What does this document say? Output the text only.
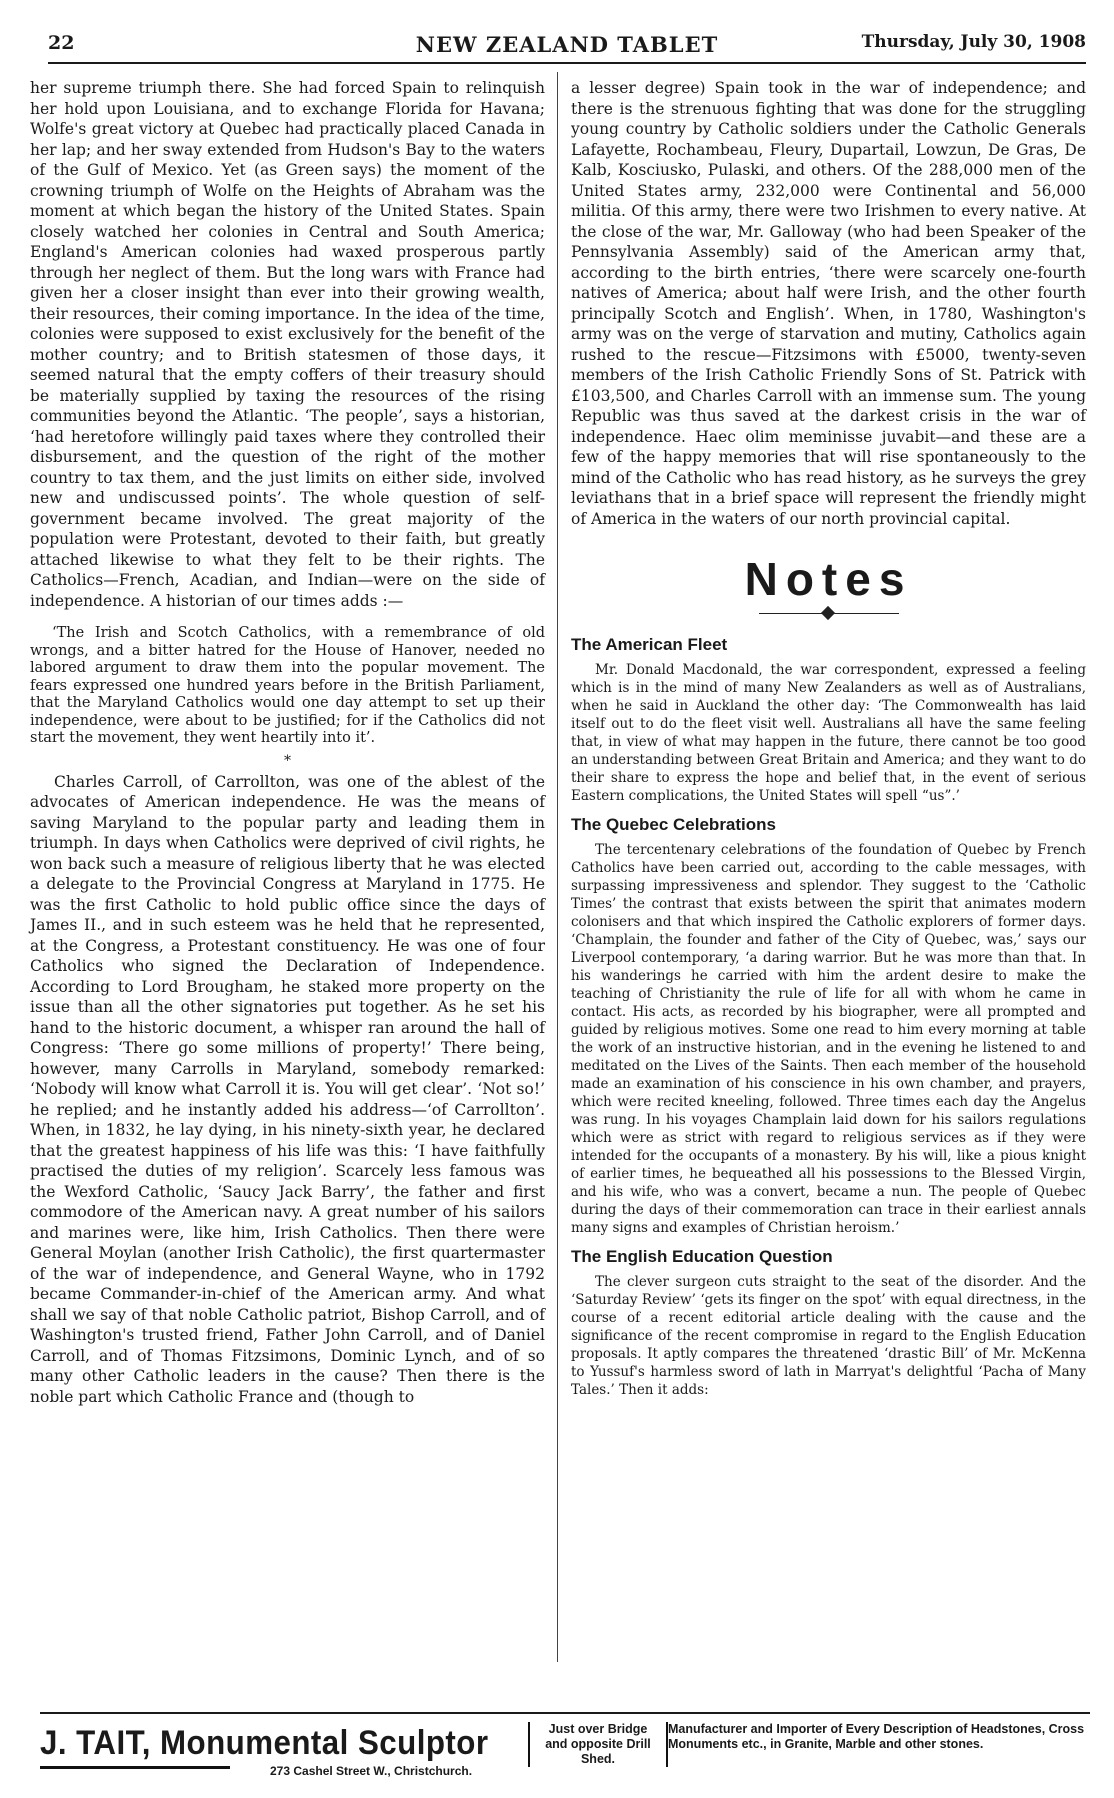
22	NEW ZEALAND TABLET	Thursday, July 30, 1908

her supreme triumph there. She had forced Spain to relinquish her hold upon Louisiana, and to exchange Florida for Havana; Wolfe's great victory at Quebec had practically placed Canada in her lap; and her sway extended from Hudson's Bay to the waters of the Gulf of Mexico. Yet (as Green says) the moment of the crowning triumph of Wolfe on the Heights of Abraham was the moment at which began the history of the United States. Spain closely watched her colonies in Central and South America; England's American colonies had waxed prosperous partly through her neglect of them. But the long wars with France had given her a closer insight than ever into their growing wealth, their resources, their coming importance. In the idea of the time, colonies were supposed to exist exclusively for the benefit of the mother country; and to British statesmen of those days, it seemed natural that the empty coffers of their treasury should be materially supplied by taxing the resources of the rising communities beyond the Atlantic. ‘The people’, says a historian, ‘had heretofore willingly paid taxes where they controlled their disbursement, and the question of the right of the mother country to tax them, and the just limits on either side, involved new and undiscussed points’. The whole question of self-government became involved. The great majority of the population were Protestant, devoted to their faith, but greatly attached likewise to what they felt to be their rights. The Catholics—French, Acadian, and Indian—were on the side of independence. A historian of our times adds :—

‘The Irish and Scotch Catholics, with a remembrance of old wrongs, and a bitter hatred for the House of Hanover, needed no labored argument to draw them into the popular movement. The fears expressed one hundred years before in the British Parliament, that the Maryland Catholics would one day attempt to set up their independence, were about to be justified; for if the Catholics did not start the movement, they went heartily into it’.

*

Charles Carroll, of Carrollton, was one of the ablest of the advocates of American independence. He was the means of saving Maryland to the popular party and leading them in triumph. In days when Catholics were deprived of civil rights, he won back such a measure of religious liberty that he was elected a delegate to the Provincial Congress at Maryland in 1775. He was the first Catholic to hold public office since the days of James II., and in such esteem was he held that he represented, at the Congress, a Protestant constituency. He was one of four Catholics who signed the Declaration of Independence. According to Lord Brougham, he staked more property on the issue than all the other signatories put together. As he set his hand to the historic document, a whisper ran around the hall of Congress: ‘There go some millions of property!’ There being, however, many Carrolls in Maryland, somebody remarked: ‘Nobody will know what Carroll it is. You will get clear’. ‘Not so!’ he replied; and he instantly added his address—‘of Carrollton’. When, in 1832, he lay dying, in his ninety-sixth year, he declared that the greatest happiness of his life was this: ‘I have faithfully practised the duties of my religion’. Scarcely less famous was the Wexford Catholic, ‘Saucy Jack Barry’, the father and first commodore of the American navy. A great number of his sailors and marines were, like him, Irish Catholics. Then there were General Moylan (another Irish Catholic), the first quartermaster of the war of independence, and General Wayne, who in 1792 became Commander-in-chief of the American army. And what shall we say of that noble Catholic patriot, Bishop Carroll, and of Washington's trusted friend, Father John Carroll, and of Daniel Carroll, and of Thomas Fitzsimons, Dominic Lynch, and of so many other Catholic leaders in the cause? Then there is the noble part which Catholic France and (though to

a lesser degree) Spain took in the war of independence; and there is the strenuous fighting that was done for the struggling young country by Catholic soldiers under the Catholic Generals Lafayette, Rochambeau, Fleury, Dupartail, Lowzun, De Gras, De Kalb, Kosciusko, Pulaski, and others. Of the 288,000 men of the United States army, 232,000 were Continental and 56,000 militia. Of this army, there were two Irishmen to every native. At the close of the war, Mr. Galloway (who had been Speaker of the Pennsylvania Assembly) said of the American army that, according to the birth entries, ‘there were scarcely one-fourth natives of America; about half were Irish, and the other fourth principally Scotch and English’. When, in 1780, Washington's army was on the verge of starvation and mutiny, Catholics again rushed to the rescue—Fitzsimons with £5000, twenty-seven members of the Irish Catholic Friendly Sons of St. Patrick with £103,500, and Charles Carroll with an immense sum. The young Republic was thus saved at the darkest crisis in the war of independence. Haec olim meminisse juvabit—and these are a few of the happy memories that will rise spontaneously to the mind of the Catholic who has read history, as he surveys the grey leviathans that in a brief space will represent the friendly might of America in the waters of our north provincial capital.

Notes
The American Fleet

Mr. Donald Macdonald, the war correspondent, expressed a feeling which is in the mind of many New Zealanders as well as of Australians, when he said in Auckland the other day: ‘The Commonwealth has laid itself out to do the fleet visit well. Australians all have the same feeling that, in view of what may happen in the future, there cannot be too good an understanding between Great Britain and America; and they want to do their share to express the hope and belief that, in the event of serious Eastern complications, the United States will spell “us”.’

The Quebec Celebrations

The tercentenary celebrations of the foundation of Quebec by French Catholics have been carried out, according to the cable messages, with surpassing impressiveness and splendor. They suggest to the ‘Catholic Times’ the contrast that exists between the spirit that animates modern colonisers and that which inspired the Catholic explorers of former days. ‘Champlain, the founder and father of the City of Quebec, was,’ says our Liverpool contemporary, ‘a daring warrior. But he was more than that. In his wanderings he carried with him the ardent desire to make the teaching of Christianity the rule of life for all with whom he came in contact. His acts, as recorded by his biographer, were all prompted and guided by religious motives. Some one read to him every morning at table the work of an instructive historian, and in the evening he listened to and meditated on the Lives of the Saints. Then each member of the household made an examination of his conscience in his own chamber, and prayers, which were recited kneeling, followed. Three times each day the Angelus was rung. In his voyages Champlain laid down for his sailors regulations which were as strict with regard to religious services as if they were intended for the occupants of a monastery. By his will, like a pious knight of earlier times, he bequeathed all his possessions to the Blessed Virgin, and his wife, who was a convert, became a nun. The people of Quebec during the days of their commemoration can trace in their earliest annals many signs and examples of Christian heroism.’

The English Education Question

The clever surgeon cuts straight to the seat of the disorder. And the ‘Saturday Review’ ‘gets its finger on the spot’ with equal directness, in the course of a recent editorial article dealing with the cause and the significance of the recent compromise in regard to the English Education proposals. It aptly compares the threatened ‘drastic Bill’ of Mr. McKenna to Yussuf's harmless sword of lath in Marryat's delightful ‘Pacha of Many Tales.’ Then it adds:

J. TAIT, Monumental Sculptor
273 Cashel Street W., Christchurch.
Just over Bridge and opposite Drill Shed.
Manufacturer and Importer of Every Description of Headstones, Cross Monuments etc., in Granite, Marble and other stones.
